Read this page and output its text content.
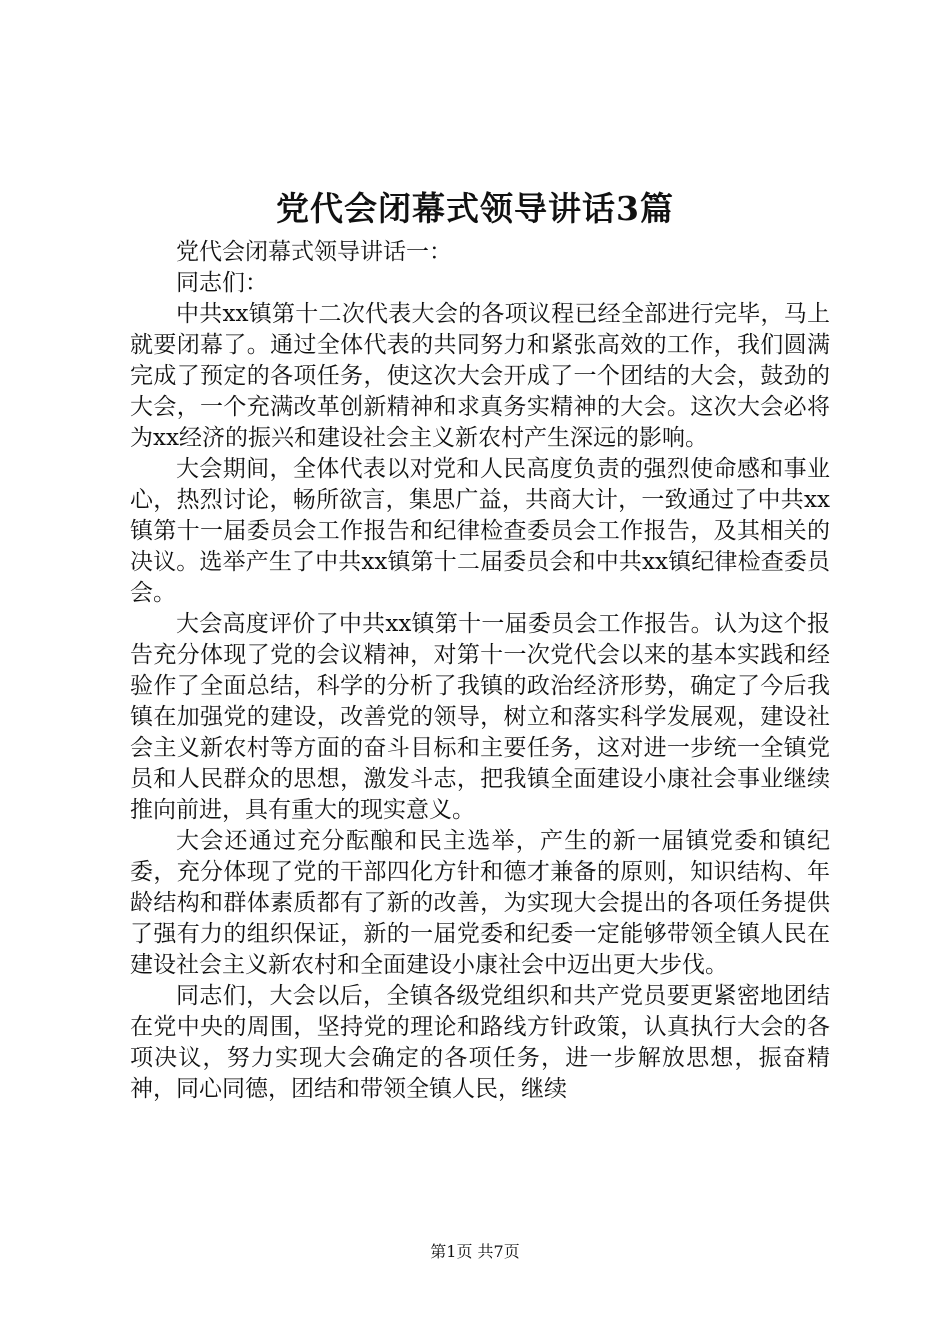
党代会闭幕式领导讲话3篇

党代会闭幕式领导讲话一：

同志们：

中共xx镇第十二次代表大会的各项议程已经全部进行完毕，马上就要闭幕了。通过全体代表的共同努力和紧张高效的工作，我们圆满完成了预定的各项任务，使这次大会开成了一个团结的大会，鼓劲的大会，一个充满改革创新精神和求真务实精神的大会。这次大会必将为xx经济的振兴和建设社会主义新农村产生深远的影响。

大会期间，全体代表以对党和人民高度负责的强烈使命感和事业心，热烈讨论，畅所欲言，集思广益，共商大计，一致通过了中共xx镇第十一届委员会工作报告和纪律检查委员会工作报告，及其相关的决议。选举产生了中共xx镇第十二届委员会和中共xx镇纪律检查委员会。

大会高度评价了中共xx镇第十一届委员会工作报告。认为这个报告充分体现了党的会议精神，对第十一次党代会以来的基本实践和经验作了全面总结，科学的分析了我镇的政治经济形势，确定了今后我镇在加强党的建设，改善党的领导，树立和落实科学发展观，建设社会主义新农村等方面的奋斗目标和主要任务，这对进一步统一全镇党员和人民群众的思想，激发斗志，把我镇全面建设小康社会事业继续推向前进，具有重大的现实意义。

大会还通过充分酝酿和民主选举，产生的新一届镇党委和镇纪委，充分体现了党的干部四化方针和德才兼备的原则，知识结构、年龄结构和群体素质都有了新的改善，为实现大会提出的各项任务提供了强有力的组织保证，新的一届党委和纪委一定能够带领全镇人民在建设社会主义新农村和全面建设小康社会中迈出更大步伐。

同志们，大会以后，全镇各级党组织和共产党员要更紧密地团结在党中央的周围，坚持党的理论和路线方针政策，认真执行大会的各项决议，努力实现大会确定的各项任务，进一步解放思想，振奋精神，同心同德，团结和带领全镇人民，继续

第1页 共7页
